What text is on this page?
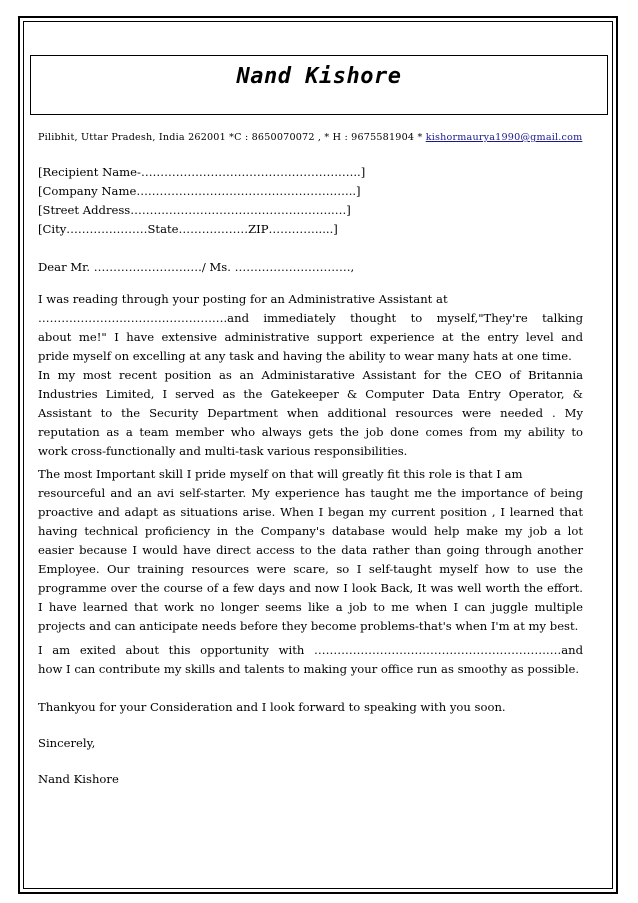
Nand Kishore
Pilibhit, Uttar Pradesh, India 262001 *C : 8650070072 , * H : 9675581904 * kishormaurya1990@gmail.com
[Recipient Name-………………………………………………...]
[Company Name………………………………………………...]
[Street Address……………………………………………..…]
[City…………………State………………ZIP………….....]
Dear Mr. ………………………./ Ms. …………………………,
I was reading through your posting for an Administrative Assistant at
………………………………………….and immediately thought to myself,"They're talking
about me!" I have extensive administrative support experience at the entry level and
pride myself on excelling at any task and having the ability to wear many hats at one time.
In my most recent position as an Administarative Assistant for the CEO of Britannia
Industries Limited, I served as the Gatekeeper & Computer Data Entry Operator, &
Assistant to the Security Department when additional resources were needed . My
reputation as a team member who always gets the job done comes from my ability to
work cross-functionally and multi-task various responsibilities.
The most Important skill I pride myself on that will greatly fit this role is that I am
resourceful and an avi self-starter. My experience has taught me the importance of being
proactive and adapt as situations arise. When I began my current position , I learned that
having technical proficiency in the Company's database would help make my job a lot
easier because I would have direct access to the data rather than going through another
Employee. Our training resources were scare, so I self-taught myself how to use the
programme over the course of a few days and now I look Back, It was well worth the effort.
I have learned that work no longer seems like a job to me when I can juggle multiple
projects and can anticipate needs before they become problems-that's when I'm at my best.
I am exited about this opportunity with ……………………………………………………….and
how I can contribute my skills and talents to making your office run as smoothy as possible.
Thankyou for your Consideration and I look forward to speaking with you soon.
Sincerely,
Nand Kishore
